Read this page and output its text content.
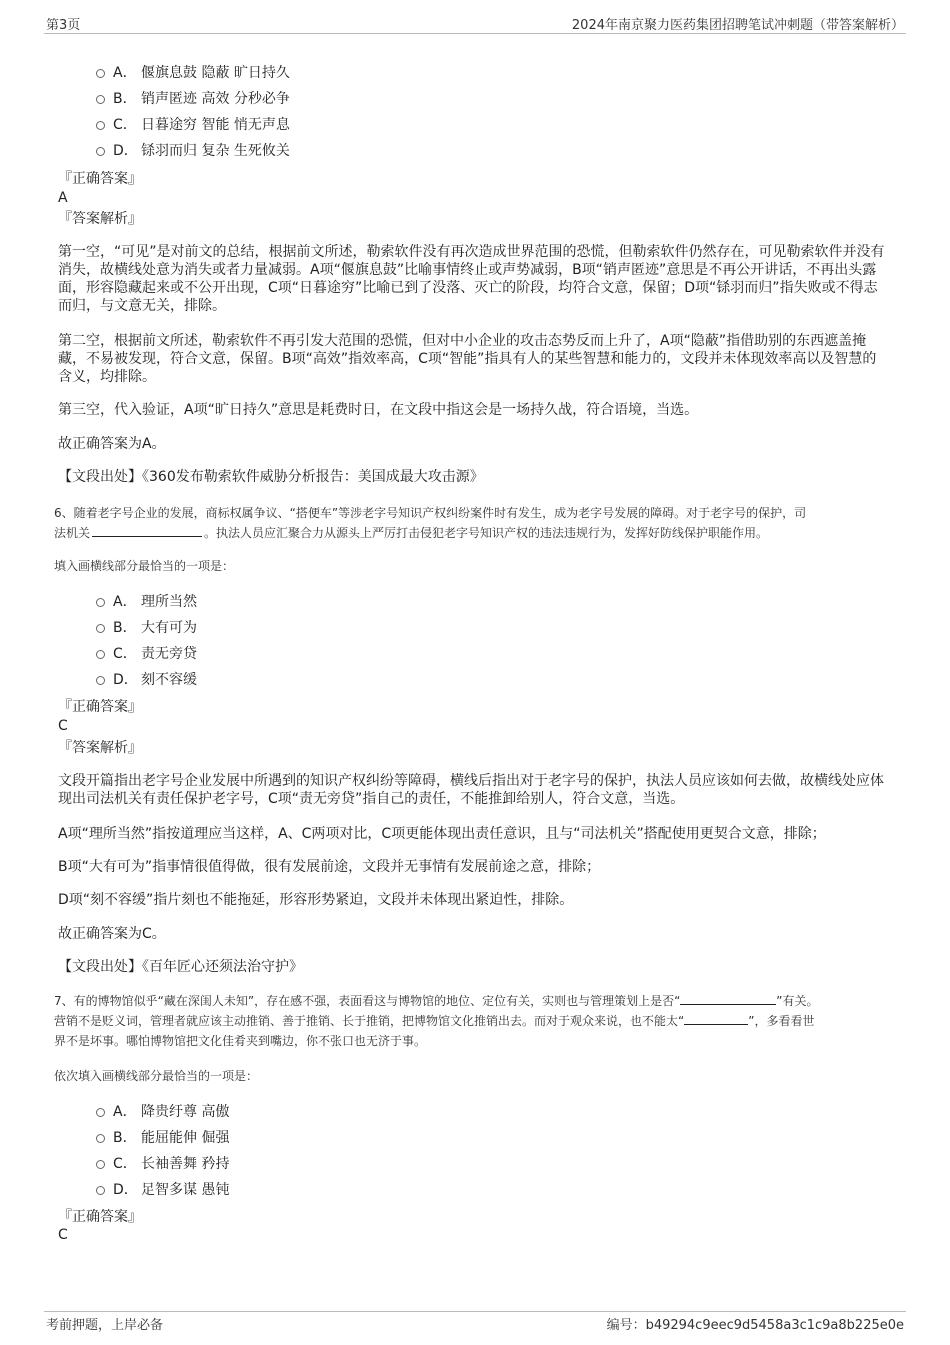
第3页	2024年南京聚力医药集团招聘笔试冲刺题（带答案解析）
A． 偃旗息鼓 隐蔽 旷日持久
B． 销声匿迹 高效 分秒必争
C． 日暮途穷 智能 悄无声息
D． 铩羽而归 复杂 生死攸关
『正确答案』
A
『答案解析』
第一空，“可见”是对前文的总结，根据前文所述，勒索软件没有再次造成世界范围的恐慌，但勒索软件仍然存在，可见勒索软件并没有消失，故横线处意为消失或者力量减弱。A项“偃旗息鼓”比喻事情终止或声势减弱，B项“销声匿迹”意思是不再公开讲话，不再出头露面，形容隐藏起来或不公开出现，C项“日暮途穷”比喻已到了没落、灭亡的阶段，均符合文意，保留；D项“铩羽而归”指失败或不得志而归，与文意无关，排除。
第二空，根据前文所述，勒索软件不再引发大范围的恐慌，但对中小企业的攻击态势反而上升了，A项“隐蔽”指借助别的东西遮盖掩藏，不易被发现，符合文意，保留。B项“高效”指效率高，C项“智能”指具有人的某些智慧和能力的，文段并未体现效率高以及智慧的含义，均排除。
第三空，代入验证，A项“旷日持久”意思是耗费时日，在文段中指这会是一场持久战，符合语境，当选。
故正确答案为A。
【文段出处】《360发布勒索软件威胁分析报告：美国成最大攻击源》
6、随着老字号企业的发展，商标权属争议、“搭便车”等涉老字号知识产权纠纷案件时有发生，成为老字号发展的障碍。对于老字号的保护，司
法机关	。执法人员应汇聚合力从源头上严厉打击侵犯老字号知识产权的违法违规行为，发挥好防线保护职能作用。
填入画横线部分最恰当的一项是：
A． 理所当然
B． 大有可为
C． 责无旁贷
D． 刻不容缓
『正确答案』
C
『答案解析』
文段开篇指出老字号企业发展中所遇到的知识产权纠纷等障碍，横线后指出对于老字号的保护，执法人员应该如何去做，故横线处应体现出司法机关有责任保护老字号，C项“责无旁贷”指自己的责任，不能推卸给别人，符合文意，当选。
A项“理所当然”指按道理应当这样，A、C两项对比，C项更能体现出责任意识，且与“司法机关”搭配使用更契合文意，排除；
B项“大有可为”指事情很值得做，很有发展前途，文段并无事情有发展前途之意，排除；
D项“刻不容缓”指片刻也不能拖延，形容形势紧迫，文段并未体现出紧迫性，排除。
故正确答案为C。
【文段出处】《百年匠心还须法治守护》
7、有的博物馆似乎“藏在深闺人未知”，存在感不强，表面看这与博物馆的地位、定位有关，实则也与管理策划上是否“	”有关。
营销不是贬义词，管理者就应该主动推销、善于推销、长于推销，把博物馆文化推销出去。而对于观众来说，也不能太“	”，多看看世
界不是坏事。哪怕博物馆把文化佳肴夹到嘴边，你不张口也无济于事。
依次填入画横线部分最恰当的一项是：
A． 降贵纡尊 高傲
B． 能屈能伸 倔强
C． 长袖善舞 矜持
D． 足智多谋 愚钝
『正确答案』
C
考前押题，上岸必备	编号：b49294c9eec9d5458a3c1c9a8b225e0e
